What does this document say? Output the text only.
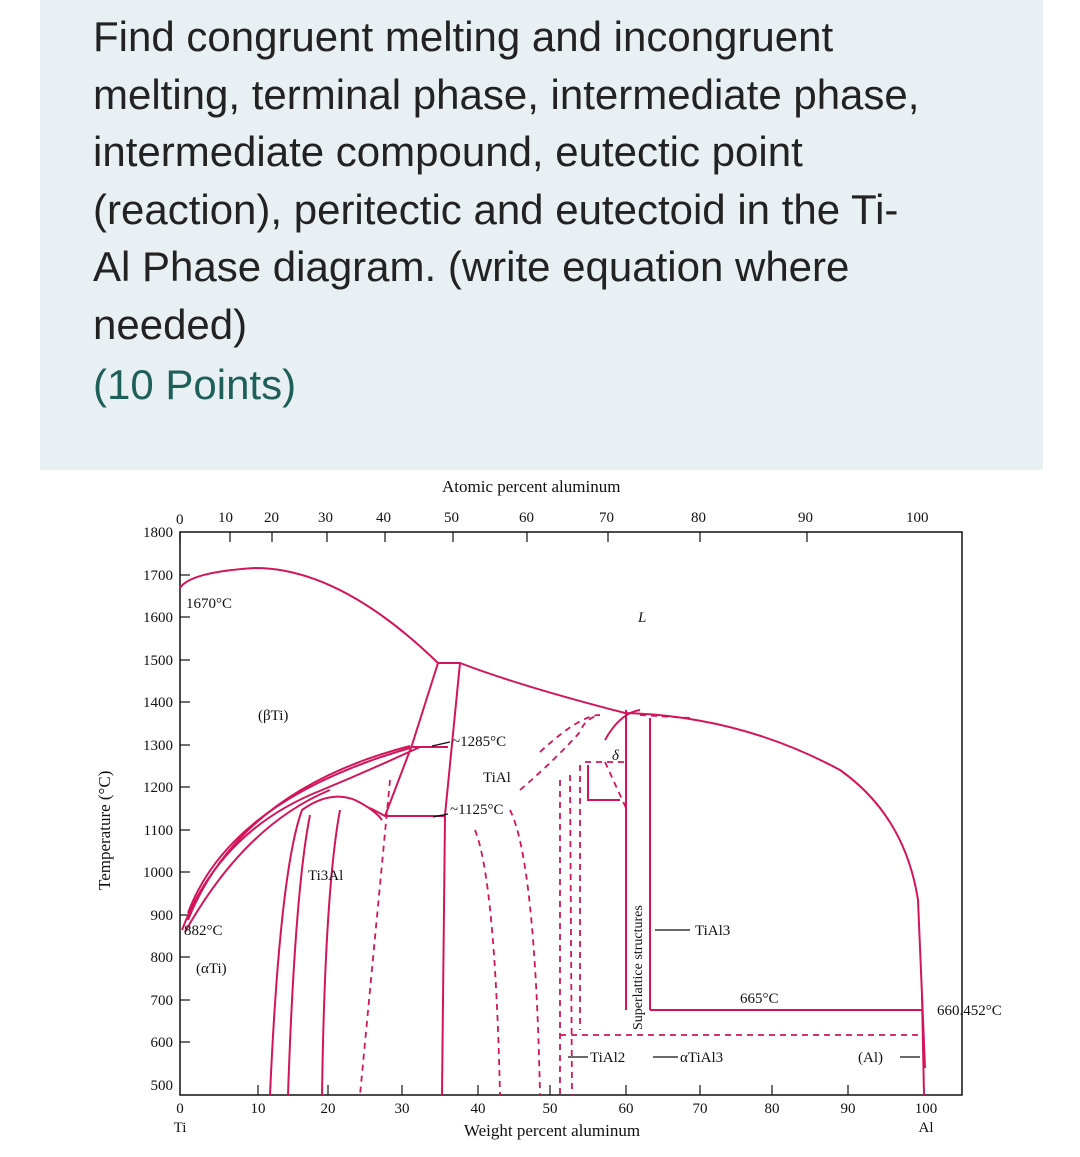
Find congruent melting and incongruent
melting, terminal phase, intermediate phase,
intermediate compound, eutectic point
(reaction), peritectic and eutectoid in the Ti-
Al Phase diagram. (write equation where
needed)
(10 Points)
0 10 20	30	40	50	60	70	80	90	100
Atomic percent aluminum
1800
1700
1600
1500
1400
1300
1200
1100
1000
900
800
700
600
500
Temperature (°C)
0	10	20	30	40	50	60	70	80	90	100
Ti	Al
Weight percent aluminum
1670°C
(βTi)
(αTi)
882°C
L
~1285°C
TiAl
~1125°C
Ti3Al
δ
Superlattice structures	TiAl3
665°C
660.452°C
TiAl2	αTiAl3	(Al)
